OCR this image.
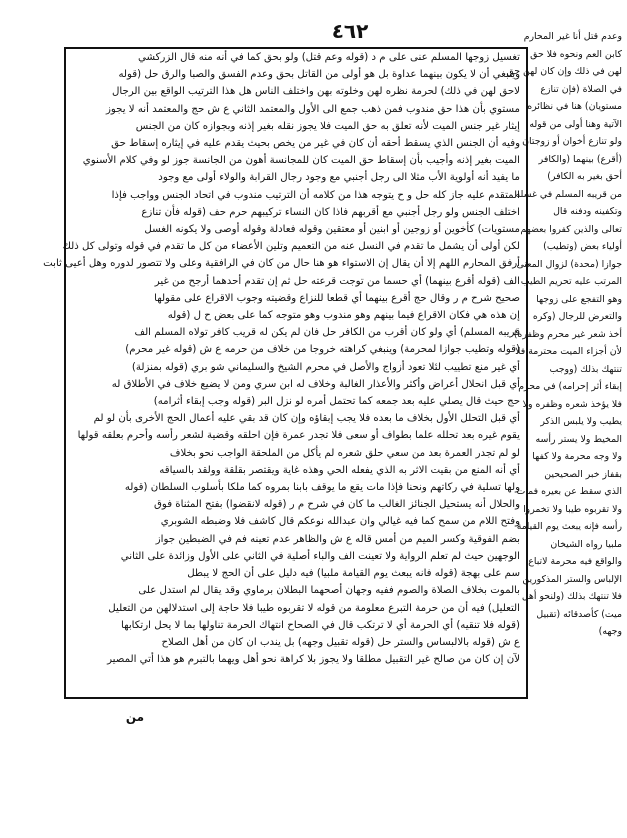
٤٦٢
تغسيل زوجها المسلم عنى على م د (قوله وعم قتل) ولو بحق كما في أنه منه قال الزركشي
وينبغي أن لا يكون بينهما عداوة بل هو أولى من القاتل بحق وعدم الفسق والصبا والرق حل (قوله
لاحق لهن في ذلك) لحرمة نظره لهن وخلوته بهن واختلف الناس هل هذا الترتيب الواقع بين الرجال
مستوي بأن هذا حق مندوب فمن ذهب جمع الى الأول والمعتمد الثاني ع ش حج والمعتمد أنه لا يجوز
إيثار غير جنس الميت لأنه تعلق به حق الميت فلا يجوز نقله بغير إذنه وبجوازه كان من الجنس
وفيه أن الجنس الذي يسقط أحقه أن كان في غير من يخص بحيث يقدم عليه في إيثاره إسقاط حق
الميت بغير إذنه وأجيب بأن إسقاط حق الميت كان للمجانسة أهون من الجانسة جوز لو وفي كلام الأسنوي
ما يفيد أنه أولوية الأب مثلا الى رجل أجنبي مع وجود رجال القرابة والولاء أولى مع وجود
المتقدم عليه جاز كله حل و ح يتوجه هذا من كلامه أن الترتيب مندوب في اتحاد الجنس وواجب فإذا
اختلف الجنس ولو رجل أجنبي مع أقربهم فاذا كان النساء تركيبهم حرم حف (قوله فأن تنازع
مستويات) كأخوين أو زوجين أو ابنين أو معتقين وقوله فعادلة وقوله أوصى ولا يكونه الغسل
لكن أولى أن يشمل ما تقدم في النسل عنه من التعميم وتلين الأعضاء من كل ما تقدم في قوله وتولى كل ذلك
أرفق المحارم اللهم إلا أن يقال إن الاستواء هو هنا حال من كان في الرافقية وعلى ولا تتصور لدوره وهل أعيى ثابت
الف (قوله أقرع بينهما) أي حسما من توجت قرعته حل ثم إن تقدم أحدهما أرجح من غير
صحيح شرح م ر وقال حج أقرع بينهما أي قطعا للنزاع وقضيته وجوب الاقراع على مقولها
إن هذه هي فكان الاقراع فيما بينهم وهو مندوب وهو متوجه كما على بعض ح ل (قوله
قريبه المسلم) أي ولو كان أقرب من الكافر حل فان لم يكن له قريب كافر تولاه المسلم الف
(قوله وتطيب جوازا لمحرمة) وينبغي كراهته خروجا من خلاف من حرمه ع ش (قوله غير محرم)
أي غير منع تطييب لئلا تعود أزواج والأصل في محرم الشيخ والسليماني شو بري (قوله بمنزلة)
أي قبل انحلال أعراض وأكثر والأعذار الغالبة وخلاف له ابن سري ومن لا يضيع خلاف في الأطلاق له
حج حيث قال يصلي عليه بعد جمعه كما تحتمل أمره لو نزل البر (قوله وجب إبقاء أثرامه)
أي قبل التحلل الأول بخلاف ما بعده فلا يجب إبقاؤه وإن كان قد بقي عليه أعمال الحج الأخرى بأن لو لم
يقوم غيره بعد تحلله علما بطواف أو سعى فلا تجدر عمرة فإن احلقه وقضية لشعر رأسه وأحرم بعلقه قولها
لو لم تجدر العمرة بعد من سعي حلق شعره لم يأكل من الملحقة الواجب نحو بخلاف
أي أنه المنع من بقيت الاثر به الذي يفعله الحي وهذه غاية ويقتصر بقلقة وولقد بالسياقه
ولها تسلية في ركاتهم ونحنا فإذا مات يقع ما يوقف بابنا بمروه كما ملكا بأسلوب السلطان (قوله
والحلال أنه يستحيل الجنائز الغالب ما كان في شرح م ر (قوله لانقضوا) بفتح المثناة فوق
وفتح اللام من سمح كما فيه غيالي وان عبدالله نوعكم قال كاشف فلا وضبطه الشوبري
بضم الفوقية وكسر الميم من أمس قاله ع ش والظاهر عدم تعينه فم في الضبطين جواز
الوجهين حيث لم تعلم الرواية ولا تعينت الف والباء أصلية في الثاني على الأول وزائدة على الثاني
سم على بهجة (قوله فانه يبعث يوم القيامة ملبيا) فيه دليل على أن الحج لا يبطل
بالموت بخلاف الصلاة والصوم ففيه وجهان أصحهما البطلان برماوي وقد يقال لم استدل على
التعليل) فيه أن من حرمة التبرع معلومة من قوله لا تقربوه طيبا فلا حاجة إلى استدلالهن من التعليل
(قوله فلا تنقيه) أي الحرمة أي لا ترتكب قال في الصحاح انتهاك الحرمة تناولها بما لا يحل ارتكابها
ع ش (قوله بالالبساس والستر حل (قوله تقبيل وجهه) بل يندب ان كان من أهل الصلاح
لآن إن كان من صالح غير التقبيل مطلقا ولا يجوز بلا كراهة نحو أهل ويهما بالتبرم هو هذا أتي المصير
وعدم قتل أنا غير المحارم
كابن العم ونحوه فلا حق
لهن في ذلك وإن كان لهن حق
في الصلاة (فإن تنازع
مستويان) هنا في نظائره
الآتية وهنا أولى من قوله
ولو تنازع أخوان أو زوجتان
(أقرع) بينهما (والكافر
أحق بغير به الكافر)
من قريبه المسلم في غسله
وتكفينه ودفنه قال
تعالى والذين كفروا بعضهم
أولياء بعض (وتطيب)
جوازا (محدة) لزوال المعنى
المرتب عليه تحريم الطيب
وهو التفجع على زوجها
والتعرض للرجال (وكره
أخذ شعر غير محرم وظفره)
لأن أجزاء الميت محترمة فلا
تنتهك بذلك (ووجب
إبقاء أثر إحرامه) في محرم
فلا يؤخذ شعره وظفره ولا
يطيب ولا يلبس الذكر
المخيط ولا يستر رأسه
ولا وجه محرمة ولا كفها
بقفاز خبر الصحيحين
الذي سقط عن بعيره فمات
ولا تقربوه طيبا ولا تخمروا
رأسه فإنه يبعث يوم القيامة
ملبيا رواه الشيخان
والواقع فيه محرمة لاتباع
الإلباس والستر المذكورين
فلا تنتهك بذلك (ولنحو أهل
ميت) كأصدقائه (تقبيل
وجهه)
من
